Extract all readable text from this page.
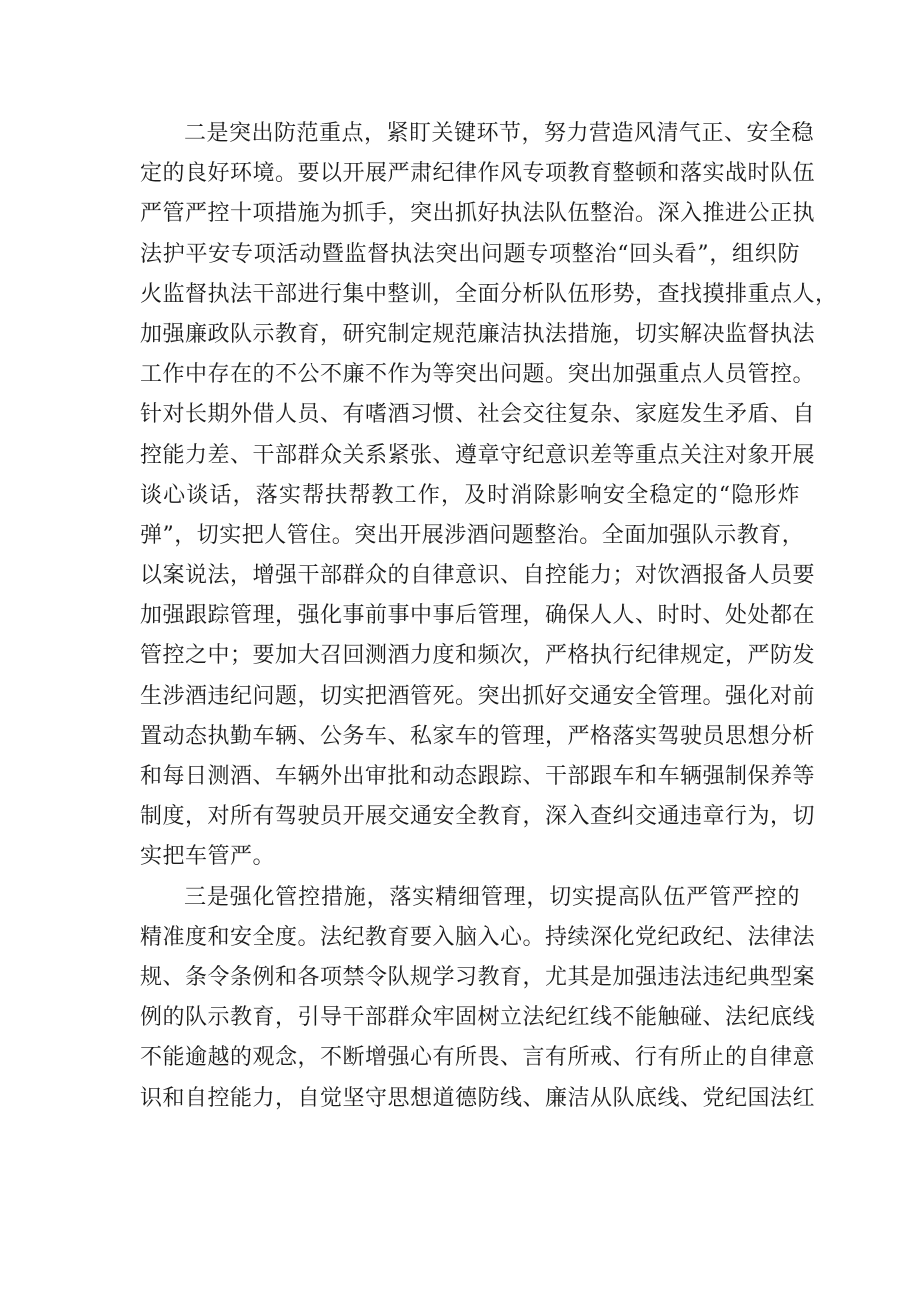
二是突出防范重点，紧盯关键环节，努力营造风清气正、安全稳
定的良好环境。要以开展严肃纪律作风专项教育整顿和落实战时队伍
严管严控十项措施为抓手，突出抓好执法队伍整治。深入推进公正执
法护平安专项活动暨监督执法突出问题专项整治“回头看”，组织防
火监督执法干部进行集中整训，全面分析队伍形势，查找摸排重点人，
加强廉政队示教育，研究制定规范廉洁执法措施，切实解决监督执法
工作中存在的不公不廉不作为等突出问题。突出加强重点人员管控。
针对长期外借人员、有嗜酒习惯、社会交往复杂、家庭发生矛盾、自
控能力差、干部群众关系紧张、遵章守纪意识差等重点关注对象开展
谈心谈话，落实帮扶帮教工作，及时消除影响安全稳定的“隐形炸
弹”，切实把人管住。突出开展涉酒问题整治。全面加强队示教育，
以案说法，增强干部群众的自律意识、自控能力；对饮酒报备人员要
加强跟踪管理，强化事前事中事后管理，确保人人、时时、处处都在
管控之中；要加大召回测酒力度和频次，严格执行纪律规定，严防发
生涉酒违纪问题，切实把酒管死。突出抓好交通安全管理。强化对前
置动态执勤车辆、公务车、私家车的管理，严格落实驾驶员思想分析
和每日测酒、车辆外出审批和动态跟踪、干部跟车和车辆强制保养等
制度，对所有驾驶员开展交通安全教育，深入查纠交通违章行为，切
实把车管严。
三是强化管控措施，落实精细管理，切实提高队伍严管严控的
精准度和安全度。法纪教育要入脑入心。持续深化党纪政纪、法律法
规、条令条例和各项禁令队规学习教育，尤其是加强违法违纪典型案
例的队示教育，引导干部群众牢固树立法纪红线不能触碰、法纪底线
不能逾越的观念，不断增强心有所畏、言有所戒、行有所止的自律意
识和自控能力，自觉坚守思想道德防线、廉洁从队底线、党纪国法红
